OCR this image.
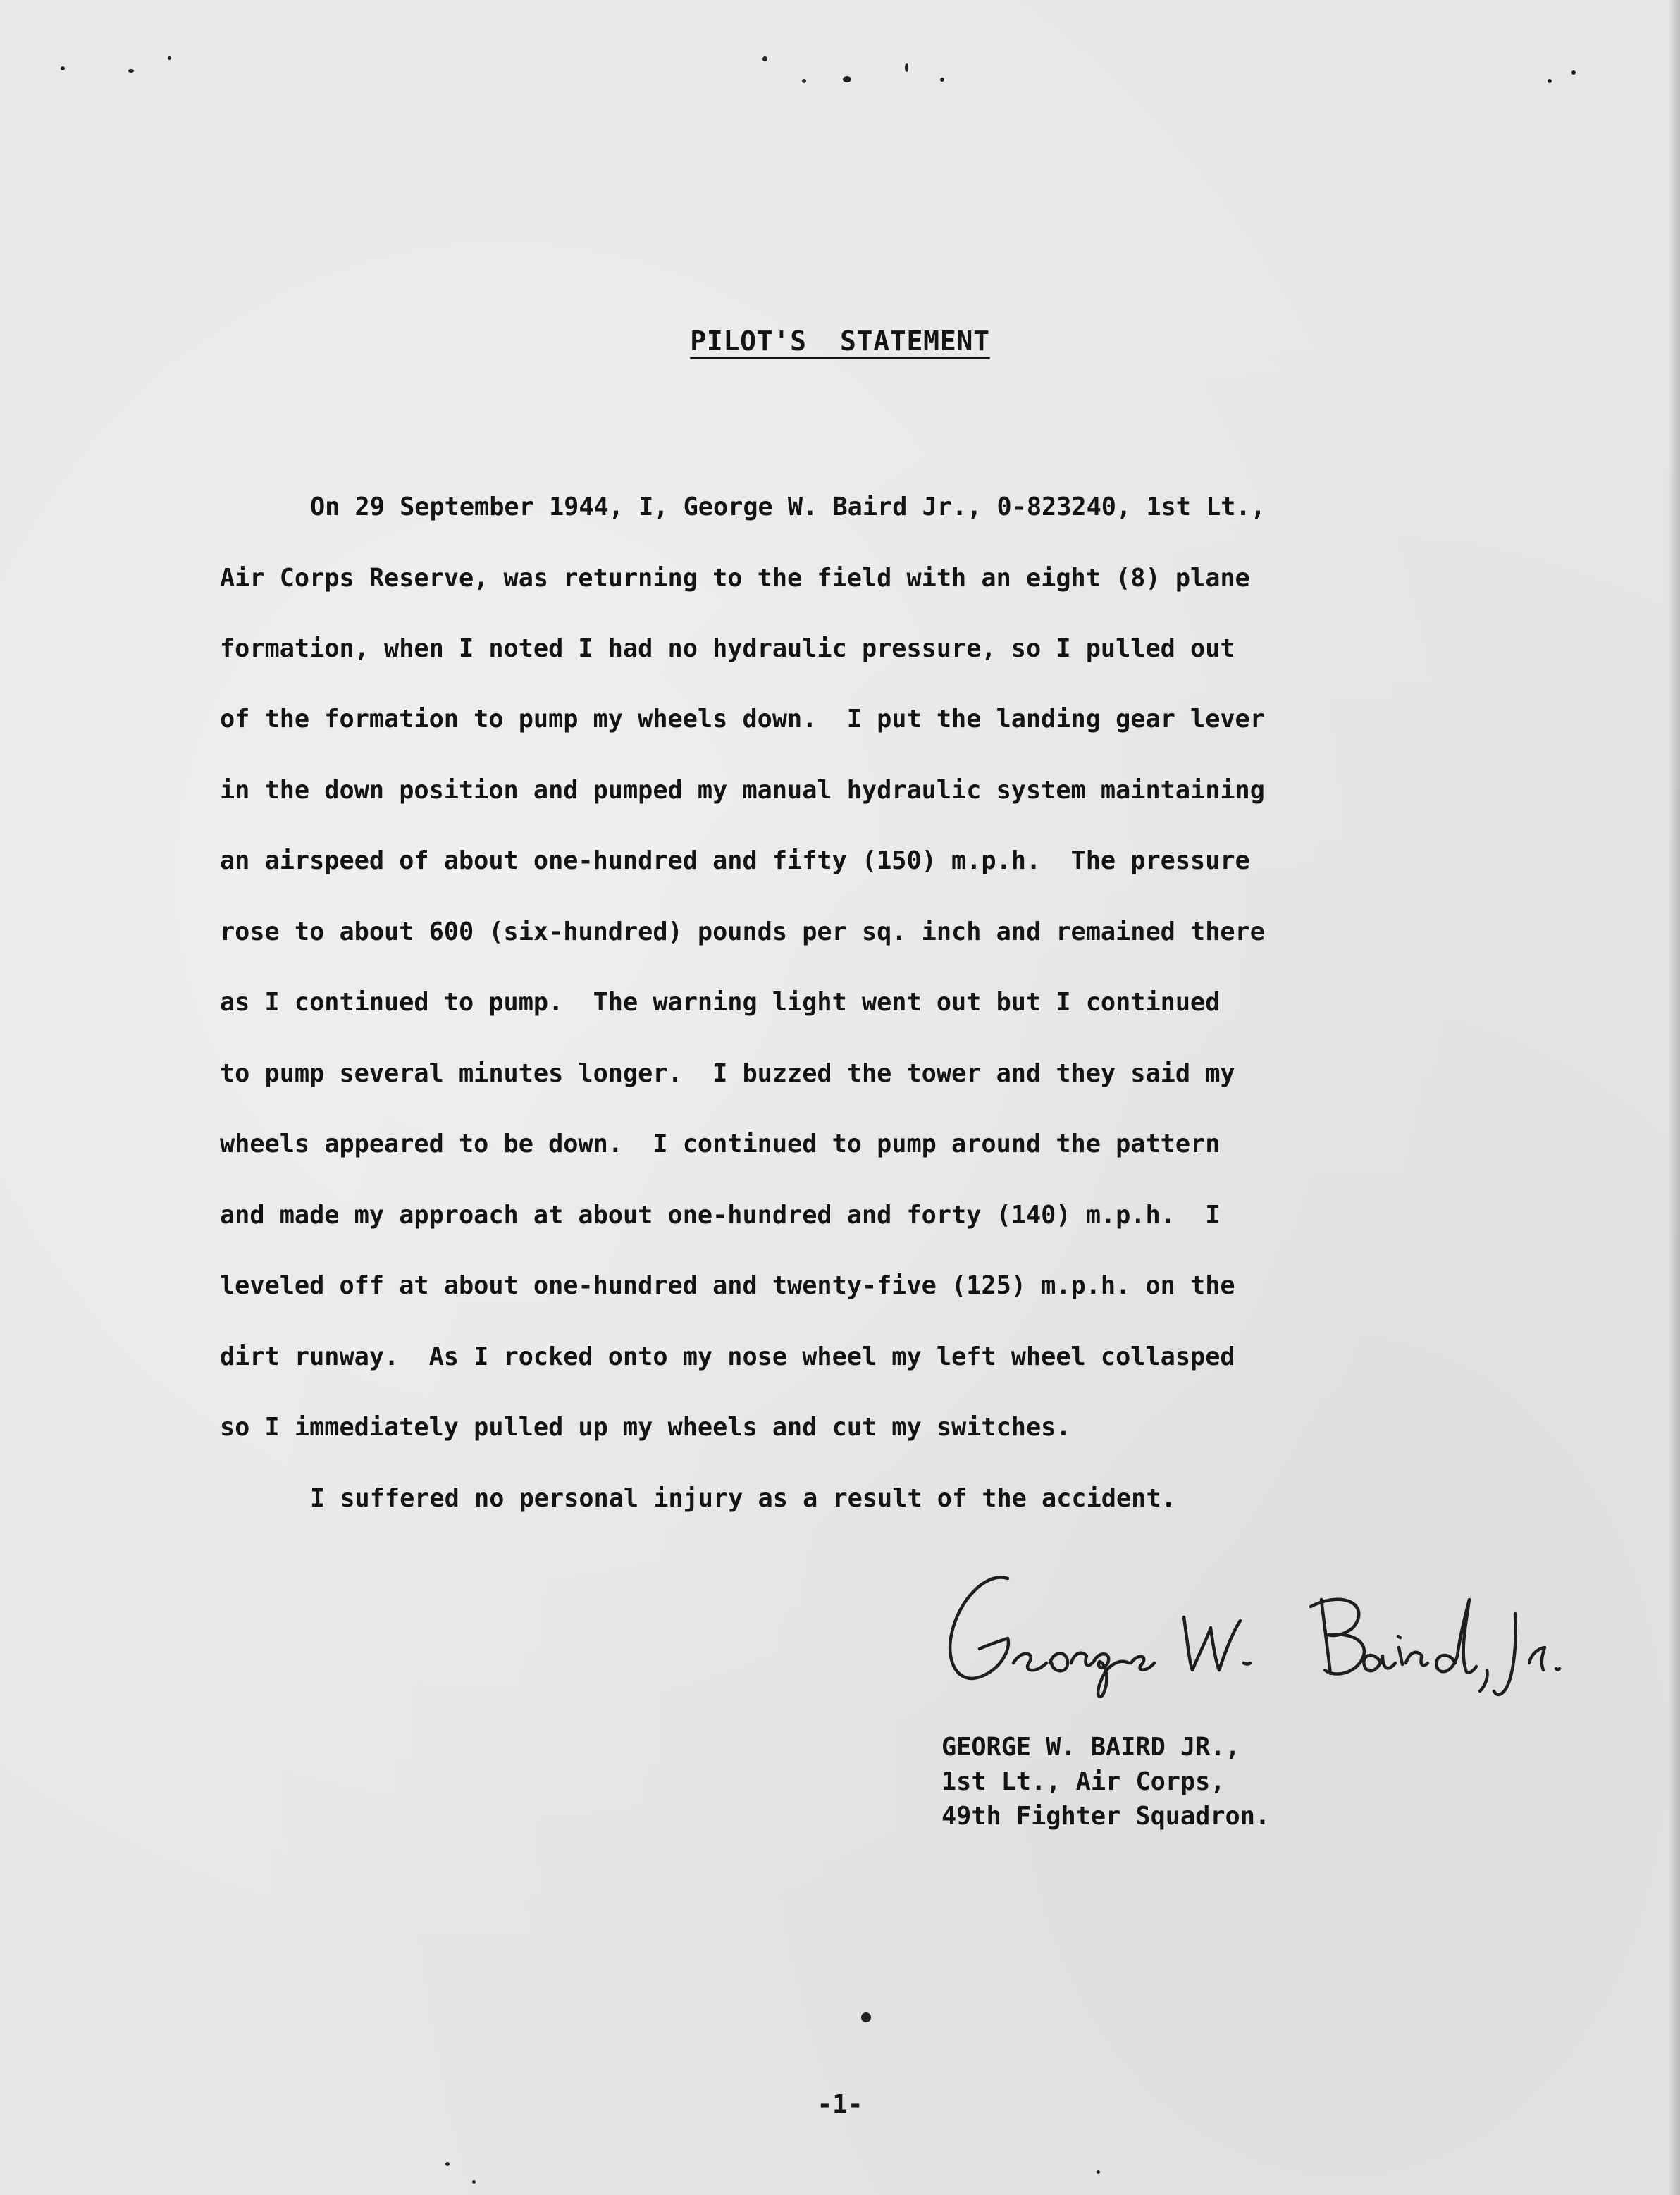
PILOT'S  STATEMENT
On 29 September 1944, I, George W. Baird Jr., 0-823240, 1st Lt.,
Air Corps Reserve, was returning to the field with an eight (8) plane
formation, when I noted I had no hydraulic pressure, so I pulled out
of the formation to pump my wheels down.  I put the landing gear lever
in the down position and pumped my manual hydraulic system maintaining
an airspeed of about one-hundred and fifty (150) m.p.h.  The pressure
rose to about 600 (six-hundred) pounds per sq. inch and remained there
as I continued to pump.  The warning light went out but I continued
to pump several minutes longer.  I buzzed the tower and they said my
wheels appeared to be down.  I continued to pump around the pattern
and made my approach at about one-hundred and forty (140) m.p.h.  I
leveled off at about one-hundred and twenty-five (125) m.p.h. on the
dirt runway.  As I rocked onto my nose wheel my left wheel collasped
so I immediately pulled up my wheels and cut my switches.
I suffered no personal injury as a result of the accident.
GEORGE W. BAIRD JR.,
1st Lt., Air Corps,
49th Fighter Squadron.
-1-
